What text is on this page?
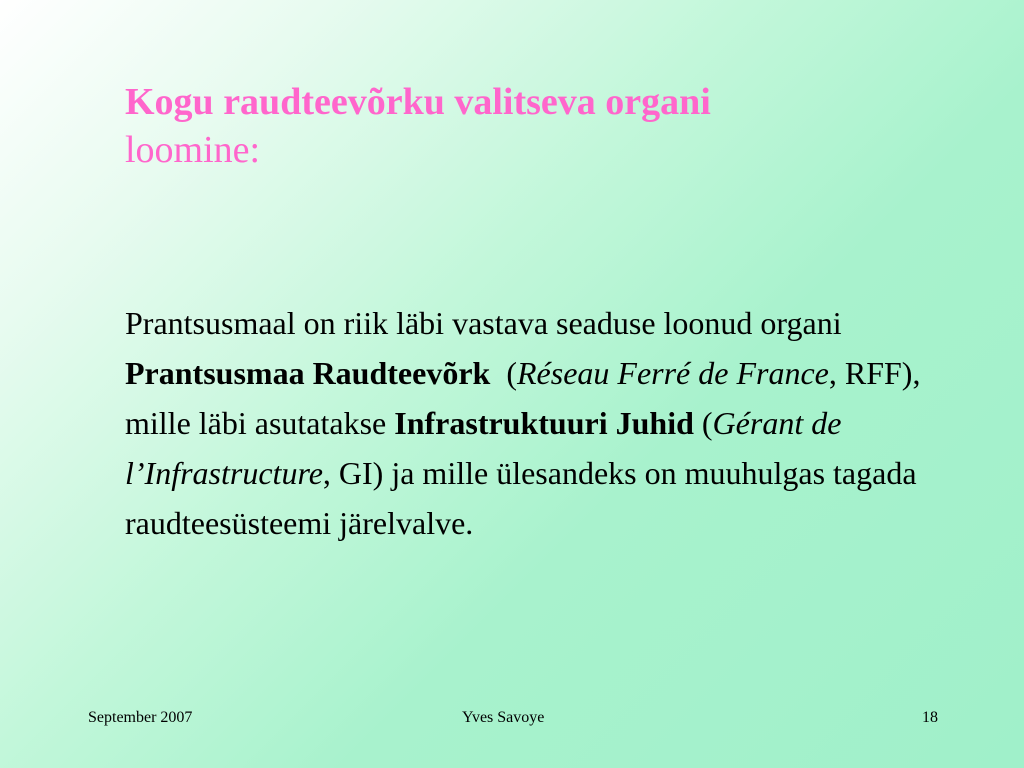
Kogu raudteevõrku valitseva organi
loomine:
Prantsusmaal on riik läbi vastava seaduse loonud organi Prantsusmaa Raudteevõrk  (Réseau Ferré de France, RFF), mille läbi asutatakse Infrastruktuuri Juhid (Gérant de l’Infrastructure, GI) ja mille ülesandeks on muuhulgas tagada raudteesüsteemi järelvalve.
September 2007	Yves Savoye	18
